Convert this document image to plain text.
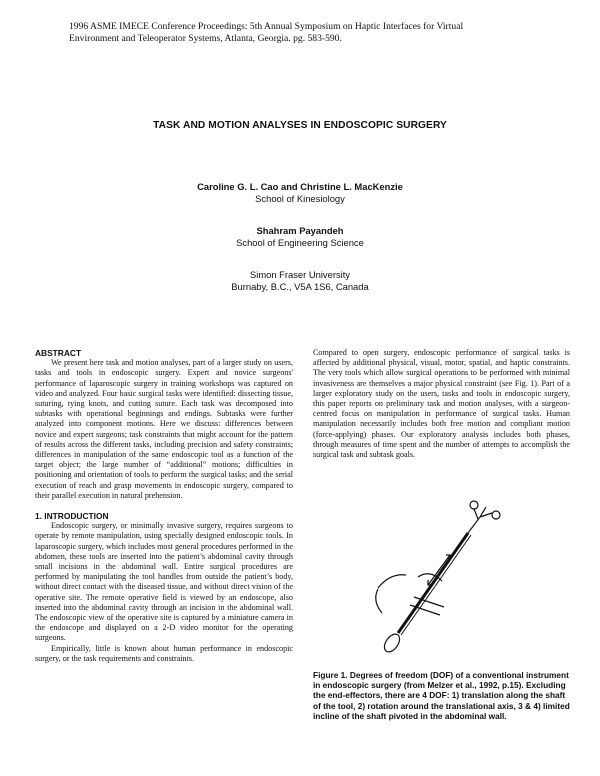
1996 ASME IMECE Conference Proceedings: 5th Annual Symposium on Haptic Interfaces for Virtual
Environment and Teleoperator Systems, Atlanta, Georgia. pg. 583-590.
TASK AND MOTION ANALYSES IN ENDOSCOPIC SURGERY
Caroline G. L. Cao and Christine L. MacKenzie
School of Kinesiology
Shahram Payandeh
School of Engineering Science
Simon Fraser University
Burnaby, B.C., V5A 1S6, Canada
ABSTRACT

We present here task and motion analyses, part of a larger study on users, tasks and tools in endoscopic surgery. Expert and novice surgeons' performance of laparoscopic surgery in training workshops was captured on video and analyzed. Four basic surgical tasks were identified: dissecting tissue, suturing, tying knots, and cutting suture. Each task was decomposed into subtasks with operational beginnings and endings. Subtasks were further analyzed into component motions. Here we discuss: differences between novice and expert surgeons; task constraints that might account for the pattern of results across the different tasks, including precision and safety constraints; differences in manipulation of the same endoscopic tool as a function of the target object; the large number of “additional” motions; difficulties in positioning and orientation of tools to perform the surgical tasks; and the serial execution of reach and grasp movements in endoscopic surgery, compared to their parallel execution in natural prehension.

1. INTRODUCTION

Endoscopic surgery, or minimally invasive surgery, requires surgeons to operate by remote manipulation, using specially designed endoscopic tools. In laparoscopic surgery, which includes most general procedures performed in the abdomen, these tools are inserted into the patient’s abdominal cavity through small incisions in the abdominal wall. Entire surgical procedures are performed by manipulating the tool handles from outside the patient’s body, without direct contact with the diseased tissue, and without direct vision of the operative site. The remote operative field is viewed by an endoscope, also inserted into the abdominal cavity through an incision in the abdominal wall. The endoscopic view of the operative site is captured by a miniature camera in the endoscope and displayed on a 2-D video monitor for the operating surgeons.

Empirically, little is known about human performance in endoscopic surgery, or the task requirements and constraints.

Compared to open surgery, endoscopic performance of surgical tasks is affected by additional physical, visual, motor, spatial, and haptic constraints. The very tools which allow surgical operations to be performed with minimal invasiveness are themselves a major physical constraint (see Fig. 1). Part of a larger exploratory study on the users, tasks and tools in endoscopic surgery, this paper reports on preliminary task and motion analyses, with a surgeon-centred focus on manipulation in performance of surgical tasks. Human manipulation necessarily includes both free motion and compliant motion (force-applying) phases. Our exploratory analysis includes both phases, through measures of time spent and the number of attempts to accomplish the surgical task and subtask goals.

Figure 1. Degrees of freedom (DOF) of a conventional instrument in endoscopic surgery (from Melzer et al., 1992, p.15). Excluding the end-effectors, there are 4 DOF: 1) translation along the shaft of the tool, 2) rotation around the translational axis, 3 & 4) limited incline of the shaft pivoted in the abdominal wall.
